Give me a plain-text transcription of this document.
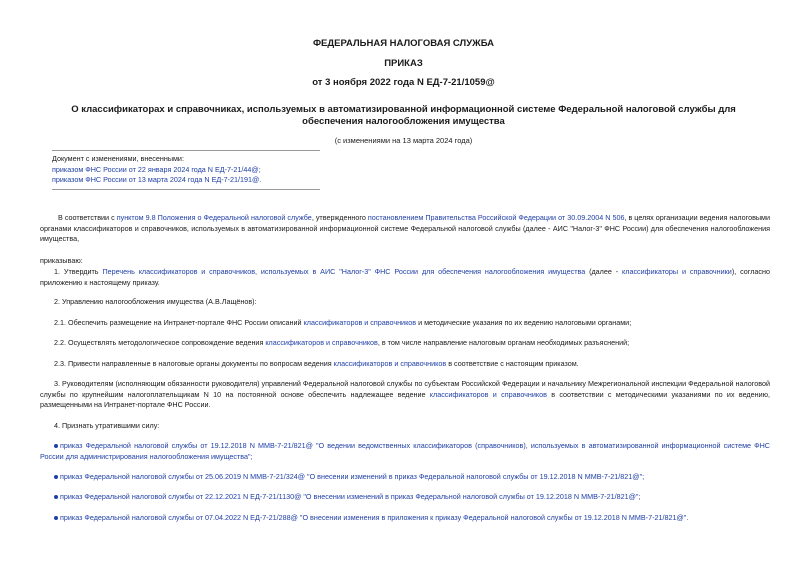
ФЕДЕРАЛЬНАЯ НАЛОГОВАЯ СЛУЖБА
ПРИКАЗ
от 3 ноября 2022 года N ЕД-7-21/1059@
О классификаторах и справочниках, используемых в автоматизированной информационной системе Федеральной налоговой службы для обеспечения налогообложения имущества
(с изменениями на 13 марта 2024 года)
Документ с изменениями, внесенными:
приказом ФНС России от 22 января 2024 года N ЕД-7-21/44@;
приказом ФНС России от 13 марта 2024 года N ЕД-7-21/191@.
В соответствии с пунктом 9.8 Положения о Федеральной налоговой службе, утвержденного постановлением Правительства Российской Федерации от 30.09.2004 N 506, в целях организации ведения налоговыми органами классификаторов и справочников, используемых в автоматизированной информационной системе Федеральной налоговой службы (далее - АИС "Налог-3" ФНС России) для обеспечения налогообложения имущества,
приказываю:
1. Утвердить Перечень классификаторов и справочников, используемых в АИС "Налог-3" ФНС России для обеспечения налогообложения имущества (далее - классификаторы и справочники), согласно приложению к настоящему приказу.
2. Управлению налогообложения имущества (А.В.Лащёнов):
2.1. Обеспечить размещение на Интранет-портале ФНС России описаний классификаторов и справочников и методические указания по их ведению налоговыми органами;
2.2. Осуществлять методологическое сопровождение ведения классификаторов и справочников, в том числе направление налоговым органам необходимых разъяснений;
2.3. Привести направленные в налоговые органы документы по вопросам ведения классификаторов и справочников в соответствие с настоящим приказом.
3. Руководителям (исполняющим обязанности руководителя) управлений Федеральной налоговой службы по субъектам Российской Федерации и начальнику Межрегиональной инспекции Федеральной налоговой службы по крупнейшим налогоплательщикам N 10 на постоянной основе обеспечить надлежащее ведение классификаторов и справочников в соответствии с методическими указаниями по их ведению, размещенными на Интранет-портале ФНС России.
4. Признать утратившими силу:
приказ Федеральной налоговой службы от 19.12.2018 N ММВ-7-21/821@ "О ведении ведомственных классификаторов (справочников), используемых в автоматизированной информационной системе ФНС России для администрирования налогообложения имущества";
приказ Федеральной налоговой службы от 25.06.2019 N ММВ-7-21/324@ "О внесении изменений в приказ Федеральной налоговой службы от 19.12.2018 N ММВ-7-21/821@";
приказ Федеральной налоговой службы от 22.12.2021 N ЕД-7-21/1130@ "О внесении изменений в приказ Федеральной налоговой службы от 19.12.2018 N ММВ-7-21/821@";
приказ Федеральной налоговой службы от 07.04.2022 N ЕД-7-21/288@ "О внесении изменения в приложения к приказу Федеральной налоговой службы от 19.12.2018 N ММВ-7-21/821@".
